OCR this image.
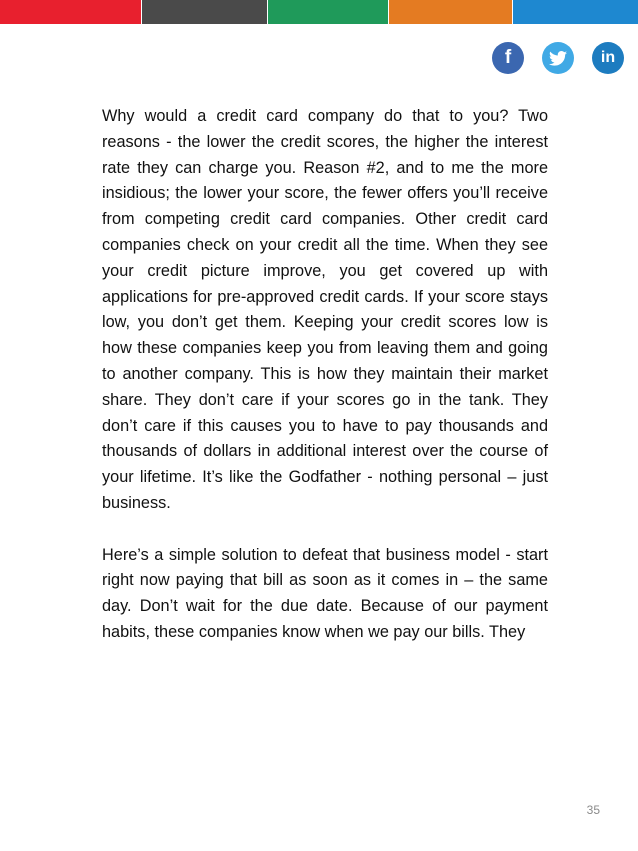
f	in

Why would a credit card company do that to you? Two reasons - the lower the credit scores, the higher the interest rate they can charge you. Reason #2, and to me the more insidious; the lower your score, the fewer offers you’ll receive from competing credit card companies. Other credit card companies check on your credit all the time. When they see your credit picture improve, you get covered up with applications for pre-approved credit cards. If your score stays low, you don’t get them. Keeping your credit scores low is how these companies keep you from leaving them and going to another company. This is how they maintain their market share. They don’t care if your scores go in the tank. They don’t care if this causes you to have to pay thousands and thousands of dollars in additional interest over the course of your lifetime. It’s like the Godfather - nothing personal – just business.

Here’s a simple solution to defeat that business model - start right now paying that bill as soon as it comes in – the same day. Don’t wait for the due date. Because of our payment habits, these companies know when we pay our bills. They

35
